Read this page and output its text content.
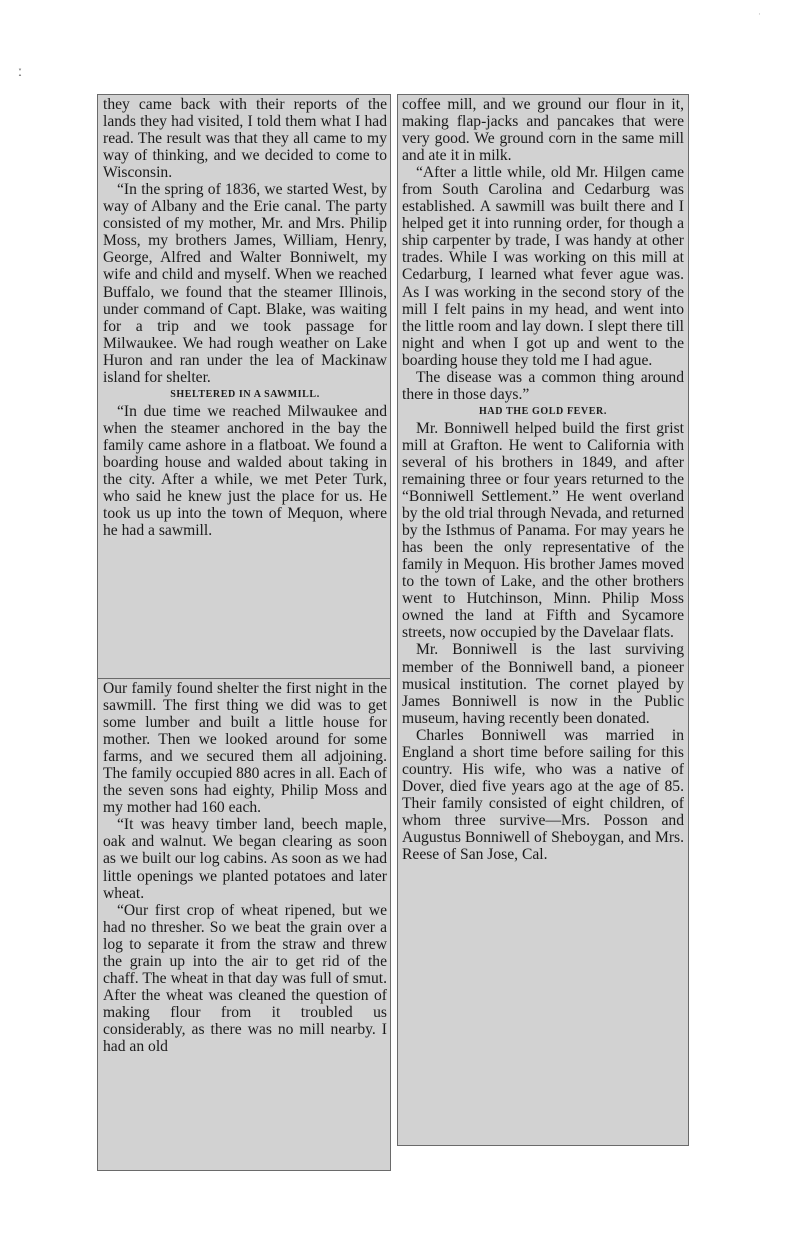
ː
·

they came back with their reports of the lands they had visited, I told them what I had read. The result was that they all came to my way of thinking, and we decided to come to Wisconsin.

“In the spring of 1836, we started West, by way of Albany and the Erie canal. The party consisted of my mother, Mr. and Mrs. Philip Moss, my brothers James, William, Henry, George, Alfred and Walter Bonniwelt, my wife and child and myself. When we reached Buffalo, we found that the steamer Illinois, under command of Capt. Blake, was waiting for a trip and we took passage for Milwaukee. We had rough weather on Lake Huron and ran under the lea of Mackinaw island for shelter.

SHELTERED IN A SAWMILL.

“In due time we reached Milwaukee and when the steamer anchored in the bay the family came ashore in a flatboat. We found a boarding house and walded about taking in the city. After a while, we met Peter Turk, who said he knew just the place for us. He took us up into the town of Mequon, where he had a sawmill.

Our family found shelter the first night in the sawmill. The first thing we did was to get some lumber and built a little house for mother. Then we looked around for some farms, and we secured them all adjoining. The family occupied 880 acres in all. Each of the seven sons had eighty, Philip Moss and my mother had 160 each.

“It was heavy timber land, beech maple, oak and walnut. We began clearing as soon as we built our log cabins. As soon as we had little openings we planted potatoes and later wheat.

“Our first crop of wheat ripened, but we had no thresher. So we beat the grain over a log to separate it from the straw and threw the grain up into the air to get rid of the chaff. The wheat in that day was full of smut. After the wheat was cleaned the question of making flour from it troubled us considerably, as there was no mill nearby. I had an old

coffee mill, and we ground our flour in it, making flap-jacks and pancakes that were very good. We ground corn in the same mill and ate it in milk.

“After a little while, old Mr. Hilgen came from South Carolina and Cedarburg was established. A sawmill was built there and I helped get it into running order, for though a ship carpenter by trade, I was handy at other trades. While I was working on this mill at Cedarburg, I learned what fever ague was. As I was working in the second story of the mill I felt pains in my head, and went into the little room and lay down. I slept there till night and when I got up and went to the boarding house they told me I had ague.

The disease was a common thing around there in those days.”

HAD THE GOLD FEVER.

Mr. Bonniwell helped build the first grist mill at Grafton. He went to California with several of his brothers in 1849, and after remaining three or four years returned to the “Bonniwell Settlement.” He went overland by the old trial through Nevada, and returned by the Isthmus of Panama. For may years he has been the only representative of the family in Mequon. His brother James moved to the town of Lake, and the other brothers went to Hutchinson, Minn. Philip Moss owned the land at Fifth and Sycamore streets, now occupied by the Davelaar flats.

Mr. Bonniwell is the last surviving member of the Bonniwell band, a pioneer musical institution. The cornet played by James Bonniwell is now in the Public museum, having recently been donated.

Charles Bonniwell was married in England a short time before sailing for this country. His wife, who was a native of Dover, died five years ago at the age of 85. Their family consisted of eight children, of whom three survive—Mrs. Posson and Augustus Bonniwell of Sheboygan, and Mrs. Reese of San Jose, Cal.
